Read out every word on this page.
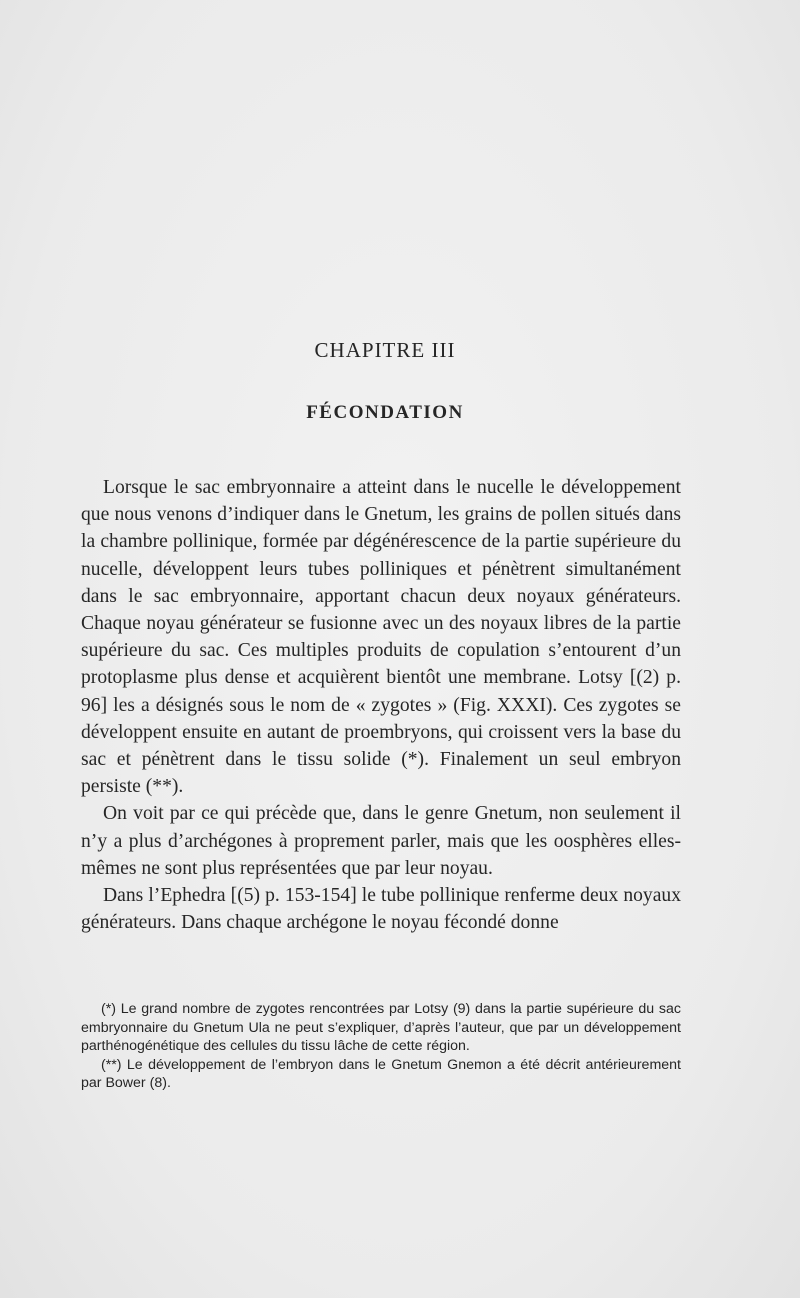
CHAPITRE III
FÉCONDATION

Lorsque le sac embryonnaire a atteint dans le nucelle le développement que nous venons d’indiquer dans le Gnetum, les grains de pollen situés dans la chambre pollinique, formée par dégénérescence de la partie supérieure du nucelle, développent leurs tubes polliniques et pénètrent simultanément dans le sac embryonnaire, apportant chacun deux noyaux générateurs. Chaque noyau générateur se fusionne avec un des noyaux libres de la partie supérieure du sac. Ces multiples produits de copulation s’entourent d’un protoplasme plus dense et acquièrent bientôt une membrane. Lotsy [(2) p. 96] les a désignés sous le nom de « zygotes » (Fig. XXXI). Ces zygotes se développent ensuite en autant de proembryons, qui croissent vers la base du sac et pénètrent dans le tissu solide (*). Finalement un seul embryon persiste (**).

On voit par ce qui précède que, dans le genre Gnetum, non seulement il n’y a plus d’archégones à proprement parler, mais que les oosphères elles-mêmes ne sont plus représentées que par leur noyau.

Dans l’Ephedra [(5) p. 153-154] le tube pollinique renferme deux noyaux générateurs. Dans chaque archégone le noyau fécondé donne

(*) Le grand nombre de zygotes rencontrées par Lotsy (9) dans la partie supérieure du sac embryonnaire du Gnetum Ula ne peut s’expliquer, d’après l’auteur, que par un développement parthénogénétique des cellules du tissu lâche de cette région.

(**) Le développement de l’embryon dans le Gnetum Gnemon a été décrit antérieurement par Bower (8).
